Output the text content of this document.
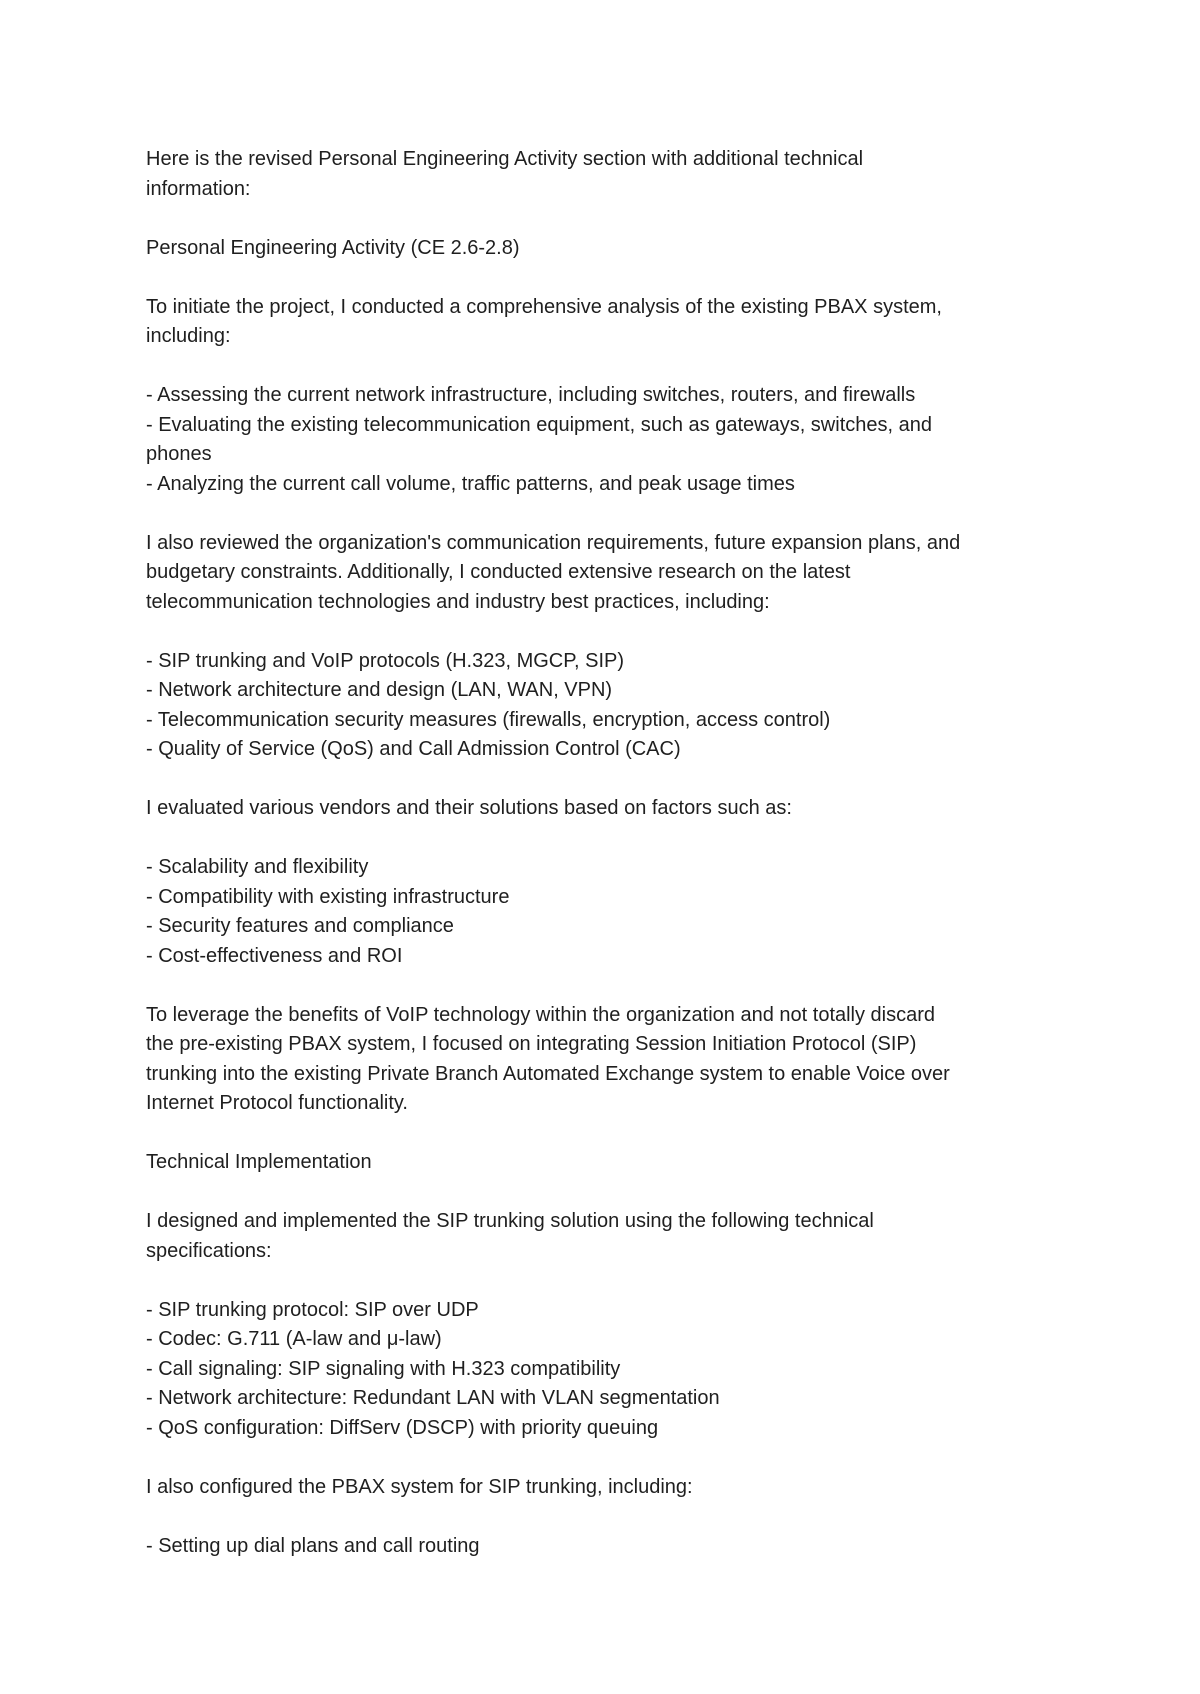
Here is the revised Personal Engineering Activity section with additional technical
information:
Personal Engineering Activity (CE 2.6-2.8)
To initiate the project, I conducted a comprehensive analysis of the existing PBAX system,
including:
- Assessing the current network infrastructure, including switches, routers, and firewalls
- Evaluating the existing telecommunication equipment, such as gateways, switches, and
phones
- Analyzing the current call volume, traffic patterns, and peak usage times
I also reviewed the organization's communication requirements, future expansion plans, and
budgetary constraints. Additionally, I conducted extensive research on the latest
telecommunication technologies and industry best practices, including:
- SIP trunking and VoIP protocols (H.323, MGCP, SIP)
- Network architecture and design (LAN, WAN, VPN)
- Telecommunication security measures (firewalls, encryption, access control)
- Quality of Service (QoS) and Call Admission Control (CAC)
I evaluated various vendors and their solutions based on factors such as:
- Scalability and flexibility
- Compatibility with existing infrastructure
- Security features and compliance
- Cost-effectiveness and ROI
To leverage the benefits of VoIP technology within the organization and not totally discard
the pre-existing PBAX system, I focused on integrating Session Initiation Protocol (SIP)
trunking into the existing Private Branch Automated Exchange system to enable Voice over
Internet Protocol functionality.
Technical Implementation
I designed and implemented the SIP trunking solution using the following technical
specifications:
- SIP trunking protocol: SIP over UDP
- Codec: G.711 (A-law and μ-law)
- Call signaling: SIP signaling with H.323 compatibility
- Network architecture: Redundant LAN with VLAN segmentation
- QoS configuration: DiffServ (DSCP) with priority queuing
I also configured the PBAX system for SIP trunking, including:
- Setting up dial plans and call routing
